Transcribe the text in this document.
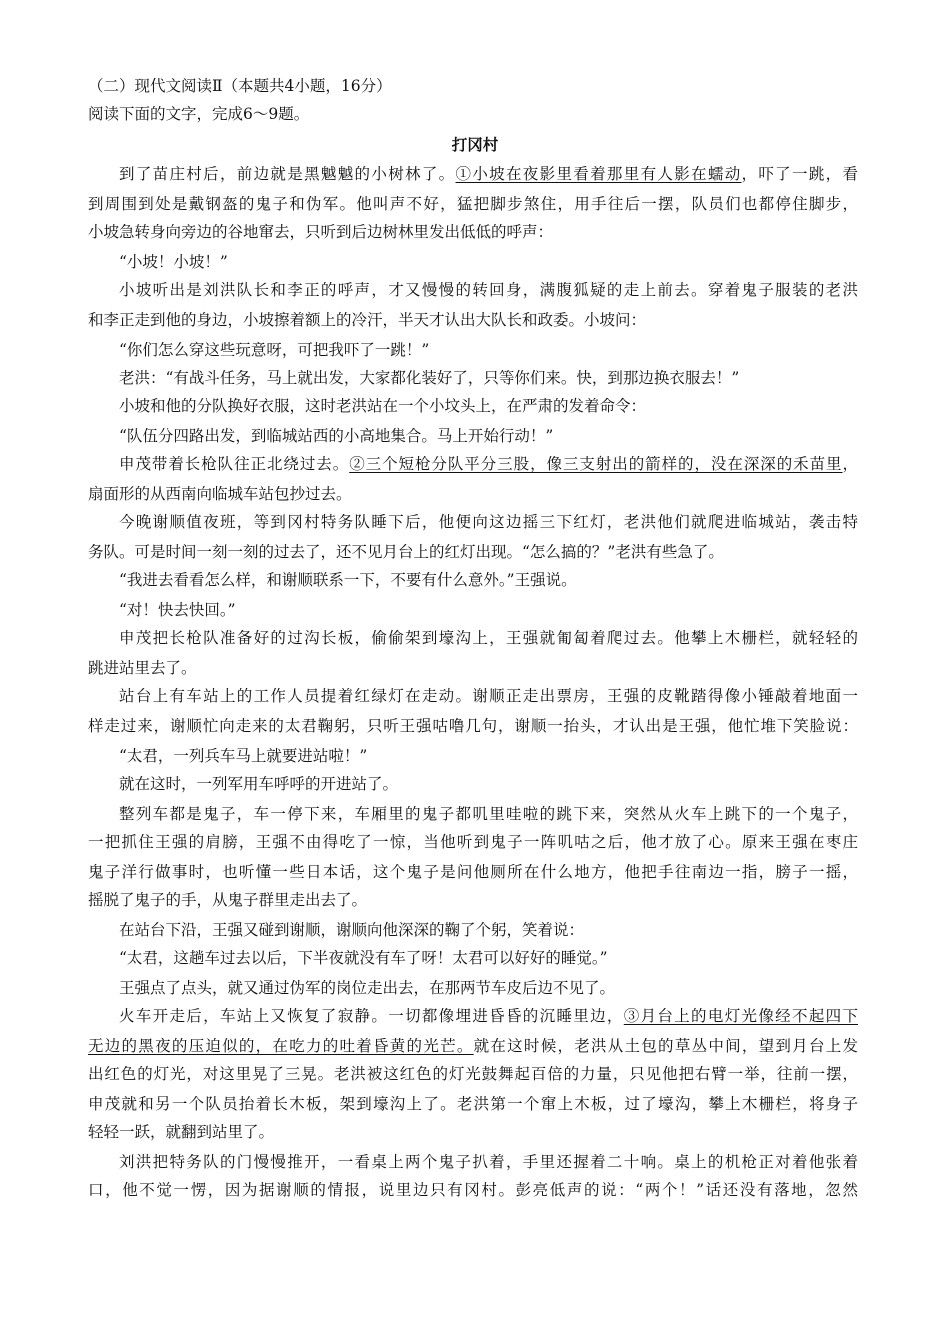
（二）现代文阅读Ⅱ（本题共4小题，16分）
阅读下面的文字，完成6～9题。
打冈村
到了苗庄村后，前边就是黑魆魆的小树林了。①小坡在夜影里看着那里有人影在蠕动，吓了一跳，看
到周围到处是戴钢盔的鬼子和伪军。他叫声不好，猛把脚步煞住，用手往后一摆，队员们也都停住脚步，
小坡急转身向旁边的谷地窜去，只听到后边树林里发出低低的呼声：
“小坡！小坡！”
小坡听出是刘洪队长和李正的呼声，才又慢慢的转回身，满腹狐疑的走上前去。穿着鬼子服装的老洪
和李正走到他的身边，小坡擦着额上的冷汗，半天才认出大队长和政委。小坡问：
“你们怎么穿这些玩意呀，可把我吓了一跳！”
老洪：“有战斗任务，马上就出发，大家都化装好了，只等你们来。快，到那边换衣服去！”
小坡和他的分队换好衣服，这时老洪站在一个小坟头上，在严肃的发着命令：
“队伍分四路出发，到临城站西的小高地集合。马上开始行动！”
申茂带着长枪队往正北绕过去。②三个短枪分队平分三股，像三支射出的箭样的，没在深深的禾苗里，
扇面形的从西南向临城车站包抄过去。
今晚谢顺值夜班，等到冈村特务队睡下后，他便向这边摇三下红灯，老洪他们就爬进临城站，袭击特
务队。可是时间一刻一刻的过去了，还不见月台上的红灯出现。“怎么搞的？”老洪有些急了。
“我进去看看怎么样，和谢顺联系一下，不要有什么意外。”王强说。
“对！快去快回。”
申茂把长枪队准备好的过沟长板，偷偷架到壕沟上，王强就匍匐着爬过去。他攀上木栅栏，就轻轻的
跳进站里去了。
站台上有车站上的工作人员提着红绿灯在走动。谢顺正走出票房，王强的皮靴踏得像小锤敲着地面一
样走过来，谢顺忙向走来的太君鞠躬，只听王强咕噜几句，谢顺一抬头，才认出是王强，他忙堆下笑脸说：
“太君，一列兵车马上就要进站啦！”
就在这时，一列军用车呼呼的开进站了。
整列车都是鬼子，车一停下来，车厢里的鬼子都叽里哇啦的跳下来，突然从火车上跳下的一个鬼子，
一把抓住王强的肩膀，王强不由得吃了一惊，当他听到鬼子一阵叽咕之后，他才放了心。原来王强在枣庄
鬼子洋行做事时，也听懂一些日本话，这个鬼子是问他厕所在什么地方，他把手往南边一指，膀子一摇，
摇脱了鬼子的手，从鬼子群里走出去了。
在站台下沿，王强又碰到谢顺，谢顺向他深深的鞠了个躬，笑着说：
“太君，这趟车过去以后，下半夜就没有车了呀！太君可以好好的睡觉。”
王强点了点头，就又通过伪军的岗位走出去，在那两节车皮后边不见了。
火车开走后，车站上又恢复了寂静。一切都像埋进昏昏的沉睡里边，③月台上的电灯光像经不起四下
无边的黑夜的压迫似的，在吃力的吐着昏黄的光芒。就在这时候，老洪从土包的草丛中间，望到月台上发
出红色的灯光，对这里晃了三晃。老洪被这红色的灯光鼓舞起百倍的力量，只见他把右臂一举，往前一摆，
申茂就和另一个队员抬着长木板，架到壕沟上了。老洪第一个窜上木板，过了壕沟，攀上木栅栏，将身子
轻轻一跃，就翻到站里了。
刘洪把特务队的门慢慢推开，一看桌上两个鬼子扒着，手里还握着二十响。桌上的机枪正对着他张着
口，他不觉一愣，因为据谢顺的情报，说里边只有冈村。彭亮低声的说：“两个！”话还没有落地，忽然
